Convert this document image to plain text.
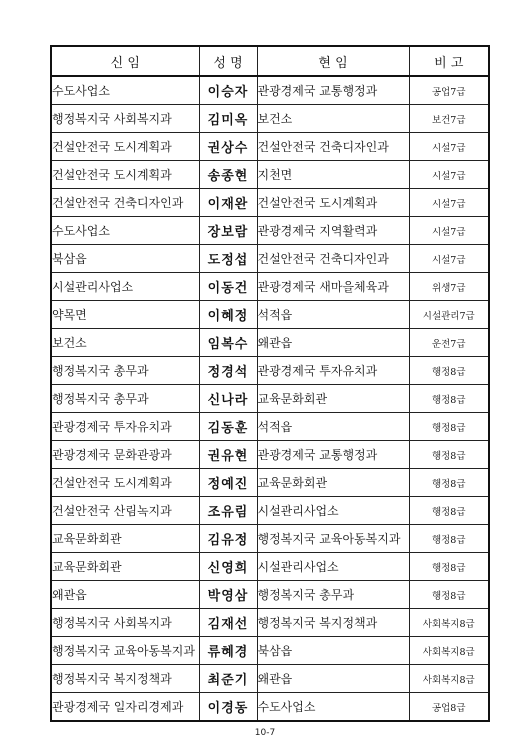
신 임	성 명	현 임	비 고
수도사업소	이승자	관광경제국 교통행정과	공업7급
행정복지국 사회복지과	김미옥	보건소	보건7급
건설안전국 도시계획과	권상수	건설안전국 건축디자인과	시설7급
건설안전국 도시계획과	송종현	지천면	시설7급
건설안전국 건축디자인과	이재완	건설안전국 도시계획과	시설7급
수도사업소	장보람	관광경제국 지역활력과	시설7급
북삼읍	도정섭	건설안전국 건축디자인과	시설7급
시설관리사업소	이동건	관광경제국 새마을체육과	위생7급
약목면	이혜정	석적읍	시설관리7급
보건소	임복수	왜관읍	운전7급
행정복지국 총무과	정경석	관광경제국 투자유치과	행정8급
행정복지국 총무과	신나라	교육문화회관	행정8급
관광경제국 투자유치과	김동훈	석적읍	행정8급
관광경제국 문화관광과	권유현	관광경제국 교통행정과	행정8급
건설안전국 도시계획과	정예진	교육문화회관	행정8급
건설안전국 산림녹지과	조유림	시설관리사업소	행정8급
교육문화회관	김유정	행정복지국 교육아동복지과	행정8급
교육문화회관	신영희	시설관리사업소	행정8급
왜관읍	박영삼	행정복지국 총무과	행정8급
행정복지국 사회복지과	김재선	행정복지국 복지정책과	사회복지8급
행정복지국 교육아동복지과	류혜경	북삼읍	사회복지8급
행정복지국 복지정책과	최준기	왜관읍	사회복지8급
관광경제국 일자리경제과	이경동	수도사업소	공업8급
10-7
